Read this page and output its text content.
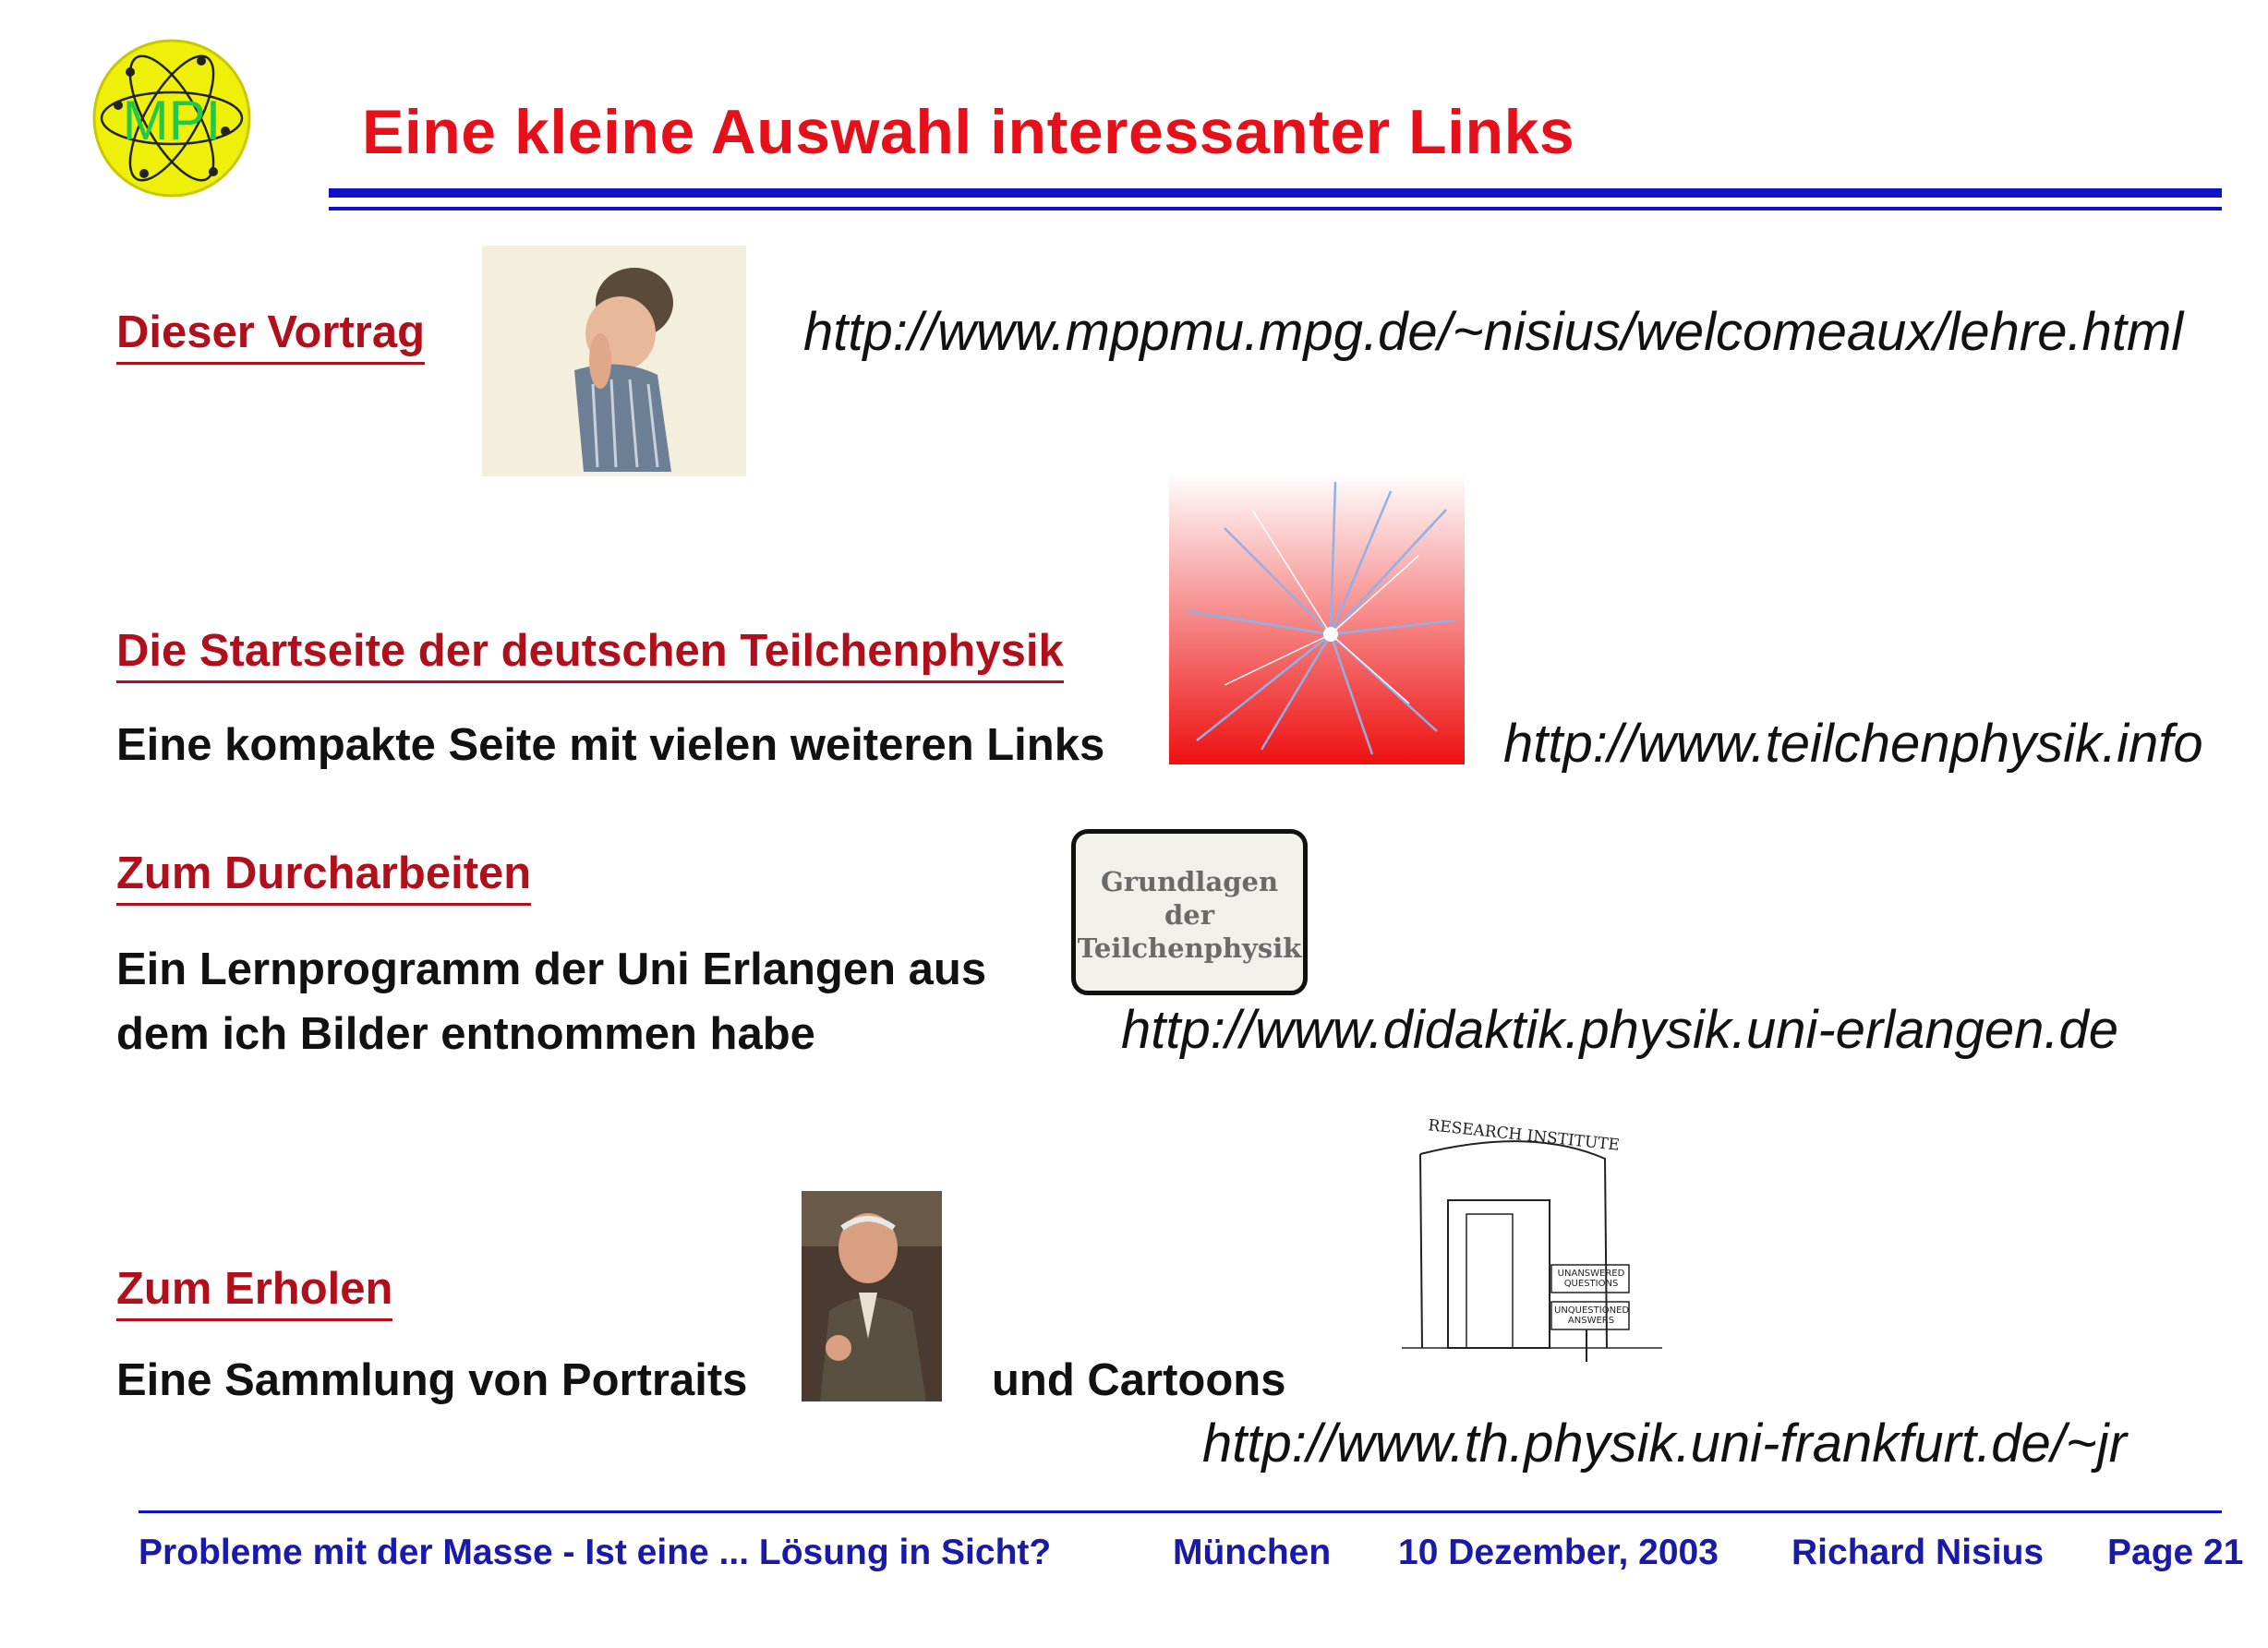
MPI	Eine kleine Auswahl interessanter Links
Dieser Vortrag	http://www.mppmu.mpg.de/~nisius/welcomeaux/lehre.html
Die Startseite der deutschen Teilchenphysik
Eine kompakte Seite mit vielen weiteren Links	http://www.teilchenphysik.info
Zum Durcharbeiten	Grundlagen
der
Teilchenphysik
Ein Lernprogramm der Uni Erlangen aus
dem ich Bilder entnommen habe	http://www.didaktik.physik.uni-erlangen.de
RESEARCH INSTITUTE
UNANSWERED QUESTIONS
UNQUESTIONED ANSWERS
Zum Erholen
Eine Sammlung von Portraits	und Cartoons
http://www.th.physik.uni-frankfurt.de/~jr
Probleme mit der Masse - Ist eine ... Lösung in Sicht?	München 10 Dezember, 2003 Richard Nisius Page 21
